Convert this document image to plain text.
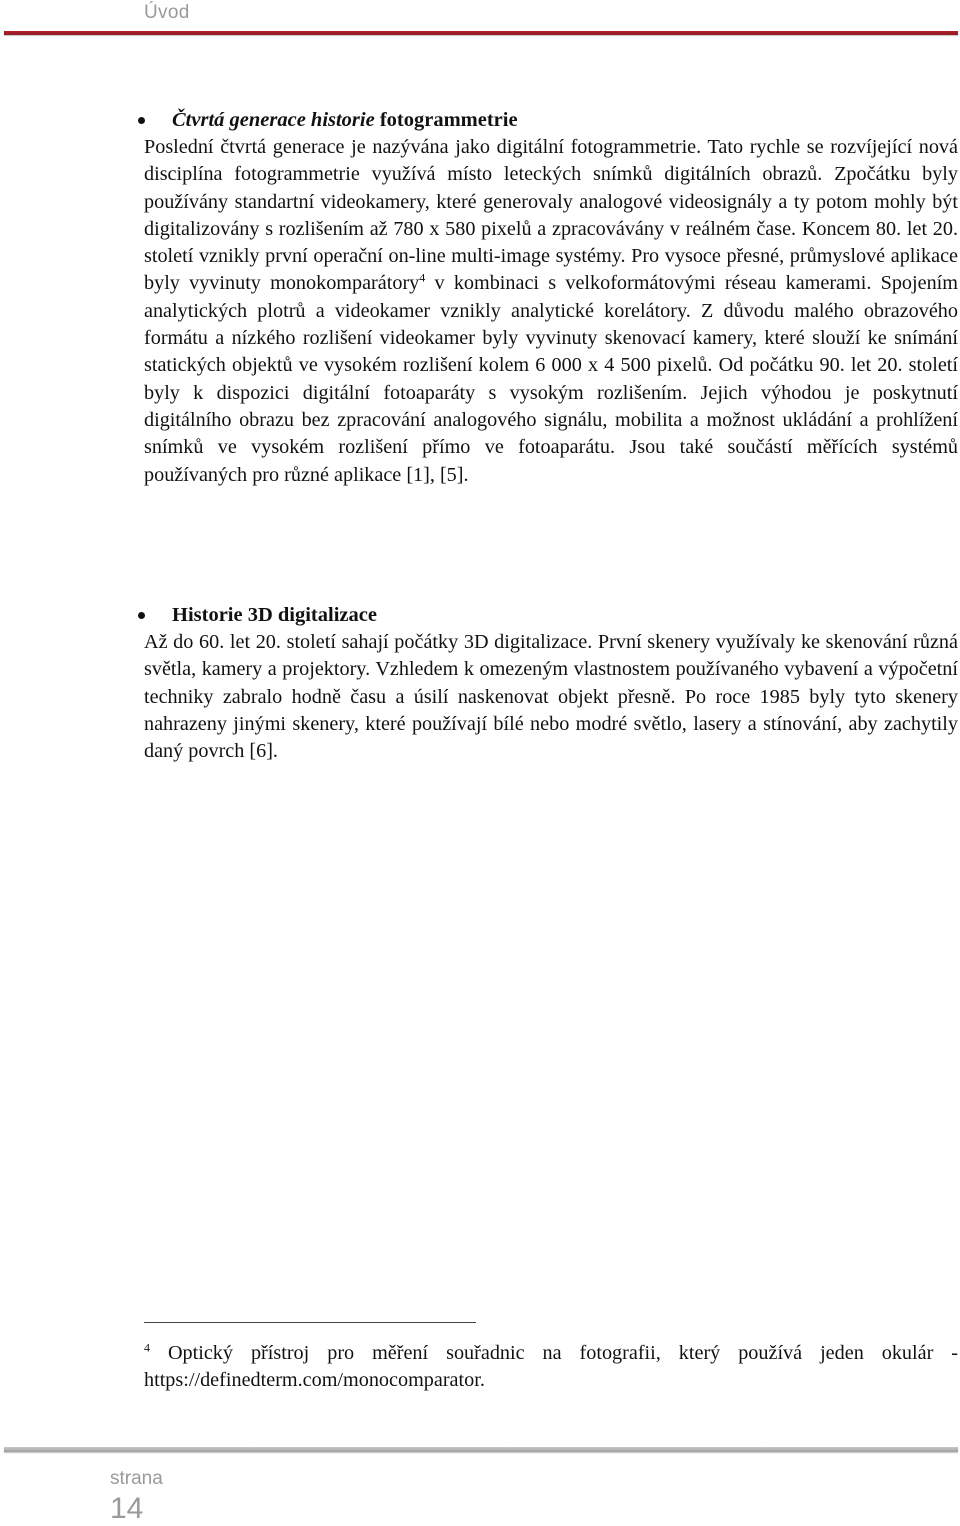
Úvod
Čtvrtá generace historie fotogrammetrie

Poslední čtvrtá generace je nazývána jako digitální fotogrammetrie. Tato rychle se rozvíjející nová disciplína fotogrammetrie využívá místo leteckých snímků digitálních obrazů. Zpočátku byly používány standartní videokamery, které generovaly analogové videosignály a ty potom mohly být digitalizovány s rozlišením až 780 x 580 pixelů a zpracovávány v reálném čase. Koncem 80. let 20. století vznikly první operační on-line multi-image systémy. Pro vysoce přesné, průmyslové aplikace byly vyvinuty monokomparátory$^4$ v kombinaci s velkoformátovými réseau kamerami. Spojením analytických plotrů a videokamer vznikly analytické korelátory. Z důvodu malého obrazového formátu a nízkého rozlišení videokamer byly vyvinuty skenovací kamery, které slouží ke snímání statických objektů ve vysokém rozlišení kolem 6 000 x 4 500 pixelů. Od počátku 90. let 20. století byly k dispozici digitální fotoaparáty s vysokým rozlišením. Jejich výhodou je poskytnutí digitálního obrazu bez zpracování analogového signálu, mobilita a možnost ukládání a prohlížení snímků ve vysokém rozlišení přímo ve fotoaparátu. Jsou také součástí měřících systémů používaných pro různé aplikace [1], [5].

Historie 3D digitalizace

Až do 60. let 20. století sahají počátky 3D digitalizace. První skenery využívaly ke skenování různá světla, kamery a projektory. Vzhledem k omezeným vlastnostem používaného vybavení a výpočetní techniky zabralo hodně času a úsilí naskenovat objekt přesně. Po roce 1985 byly tyto skenery nahrazeny jinými skenery, které používají bílé nebo modré světlo, lasery a stínování, aby zachytily daný povrch [6].

$^4$ Optický přístroj pro měření souřadnic na fotografii, který používá jeden okulár - https://definedterm.com/monocomparator.
strana
14
